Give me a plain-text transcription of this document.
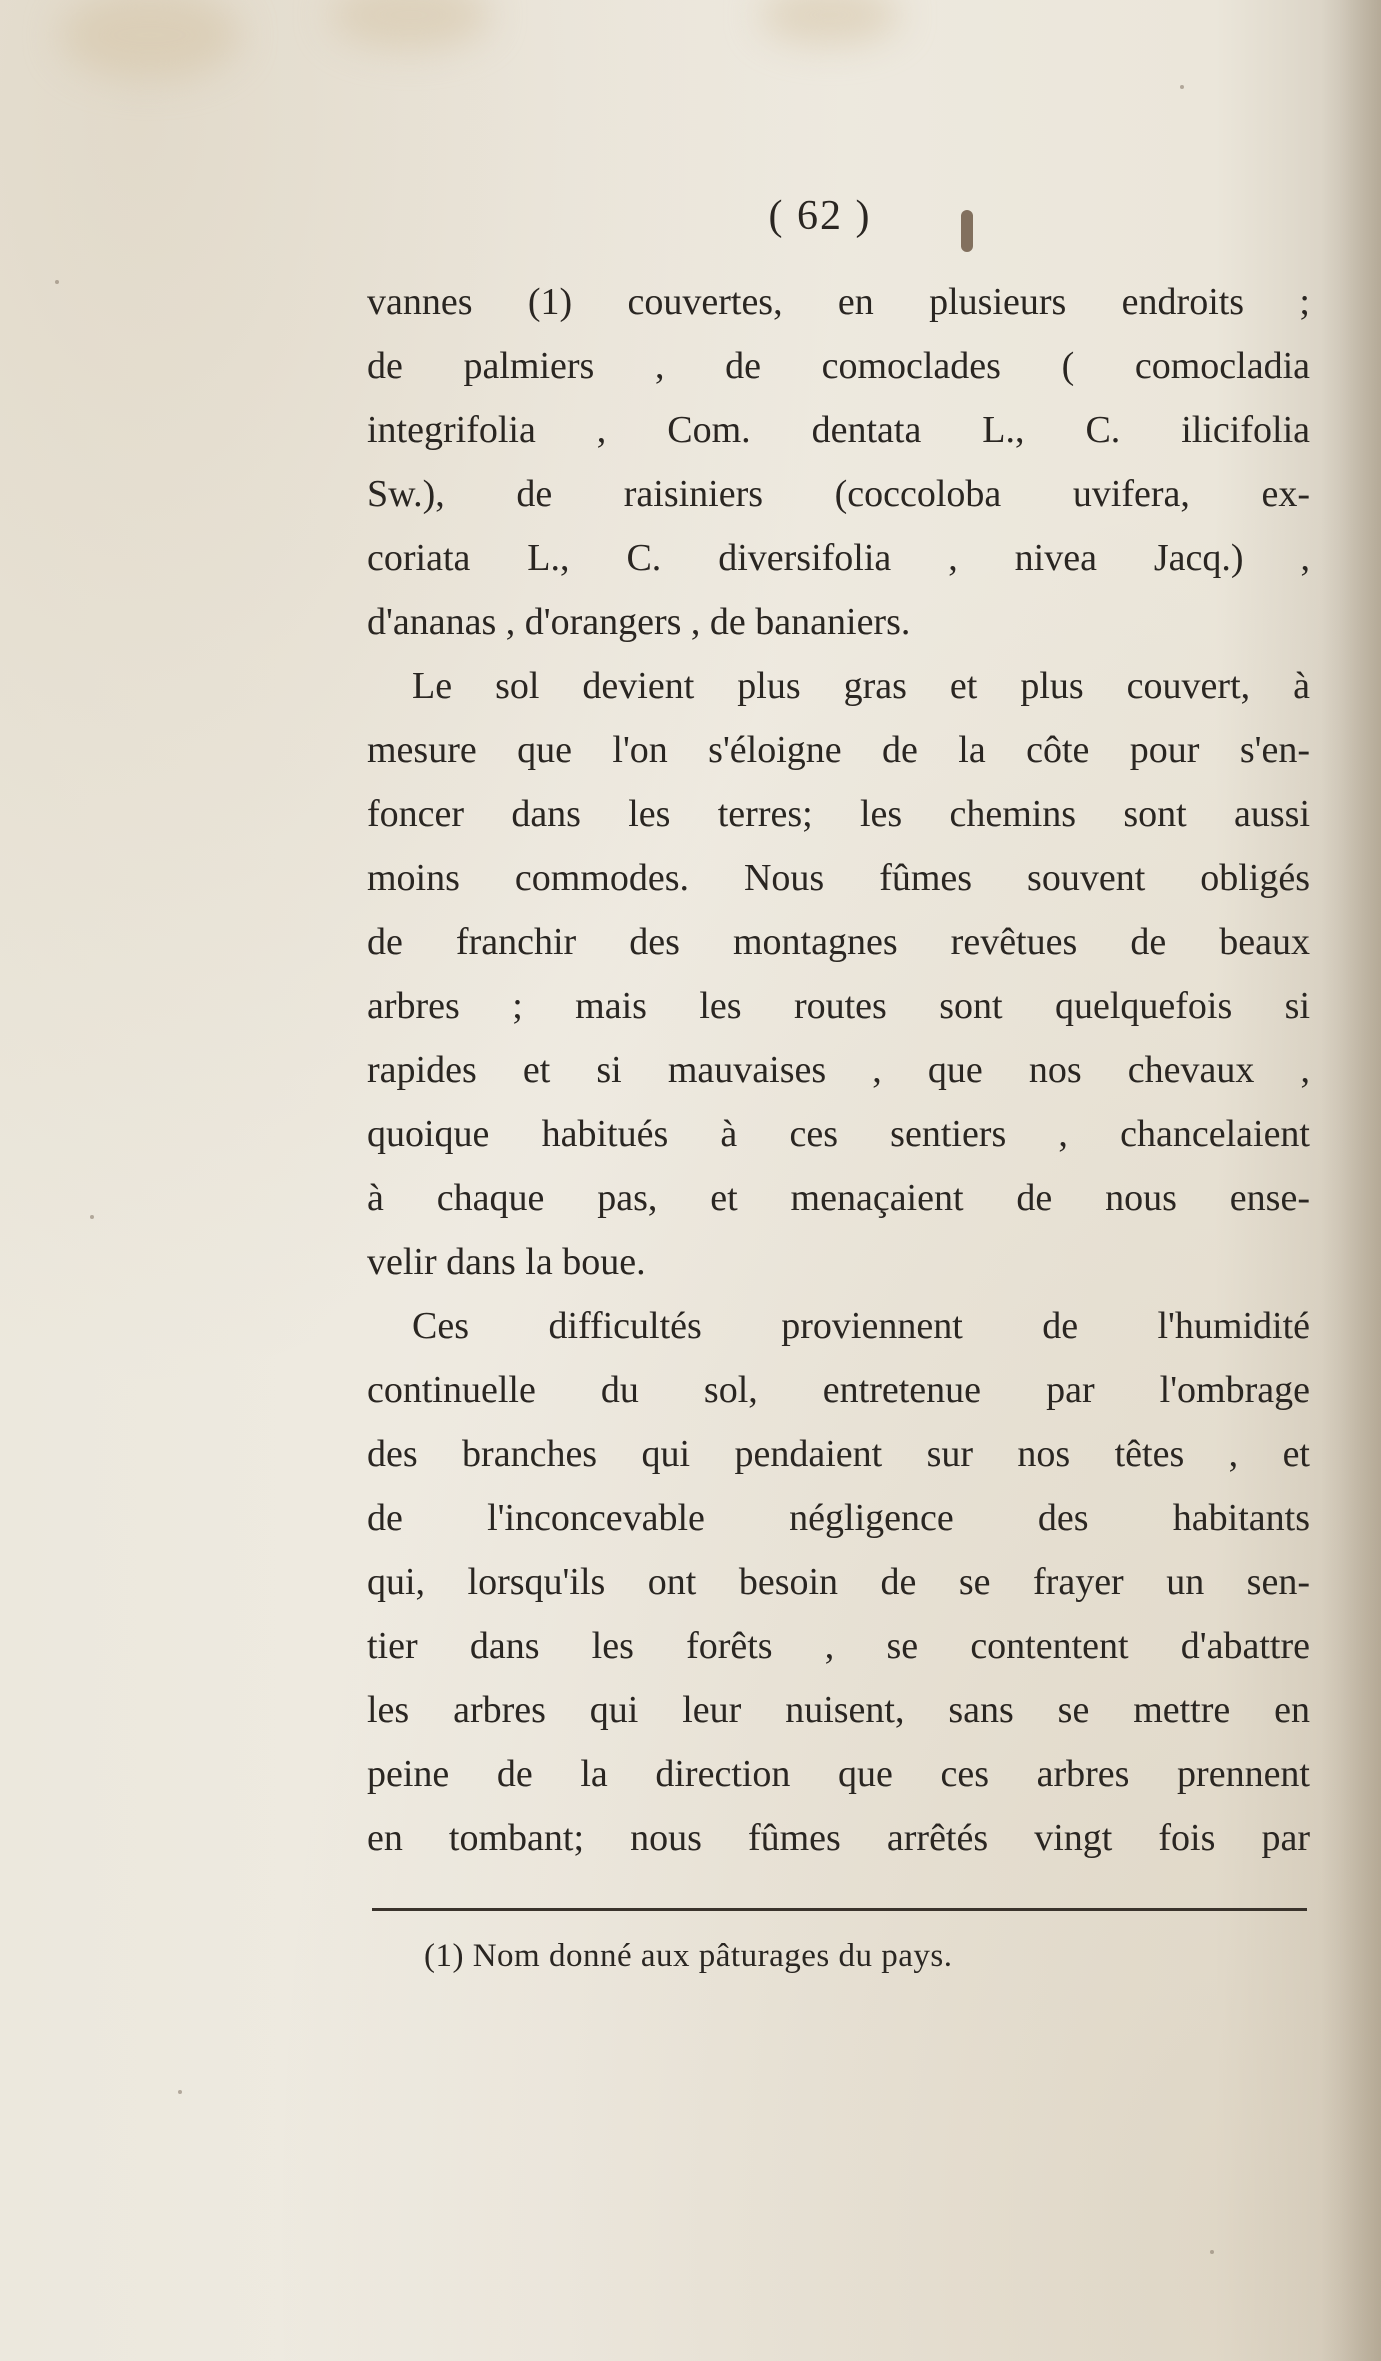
( 62 )
vannes (1) couvertes, en plusieurs endroits ;
de palmiers , de comoclades ( comocladia
integrifolia , Com. dentata L., C. ilicifolia
Sw.), de raisiniers (coccoloba uvifera, ex-
coriata L., C. diversifolia , nivea Jacq.) ,
d'ananas , d'orangers , de bananiers.
Le sol devient plus gras et plus couvert, à
mesure que l'on s'éloigne de la côte pour s'en-
foncer dans les terres; les chemins sont aussi
moins commodes. Nous fûmes souvent obligés
de franchir des montagnes revêtues de beaux
arbres ; mais les routes sont quelquefois si
rapides et si mauvaises , que nos chevaux ,
quoique habitués à ces sentiers , chancelaient
à chaque pas, et menaçaient de nous ense-
velir dans la boue.
Ces difficultés proviennent de l'humidité
continuelle du sol, entretenue par l'ombrage
des branches qui pendaient sur nos têtes , et
de l'inconcevable négligence des habitants
qui, lorsqu'ils ont besoin de se frayer un sen-
tier dans les forêts , se contentent d'abattre
les arbres qui leur nuisent, sans se mettre en
peine de la direction que ces arbres prennent
en tombant; nous fûmes arrêtés vingt fois par
(1) Nom donné aux pâturages du pays.
